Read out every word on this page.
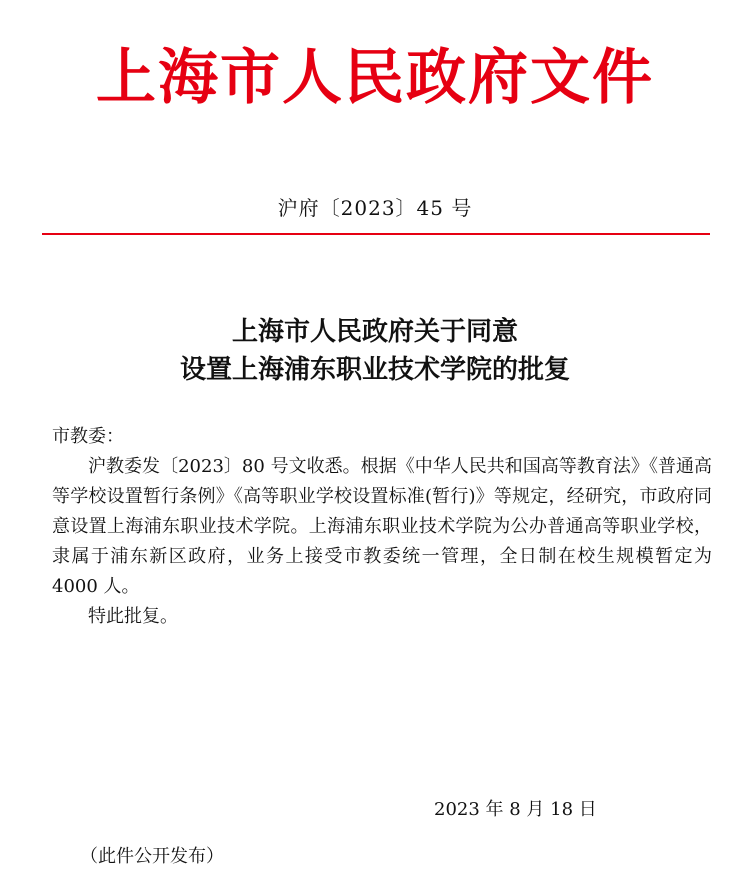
上海市人民政府文件
沪府〔2023〕45 号
上海市人民政府关于同意
设置上海浦东职业技术学院的批复
市教委：
沪教委发〔2023〕80 号文收悉。根据《中华人民共和国高等教育法》《普通高等学校设置暂行条例》《高等职业学校设置标准(暂行)》等规定，经研究，市政府同意设置上海浦东职业技术学院。上海浦东职业技术学院为公办普通高等职业学校，隶属于浦东新区政府，业务上接受市教委统一管理，全日制在校生规模暂定为 4000 人。
特此批复。
2023 年 8 月 18 日
（此件公开发布）
